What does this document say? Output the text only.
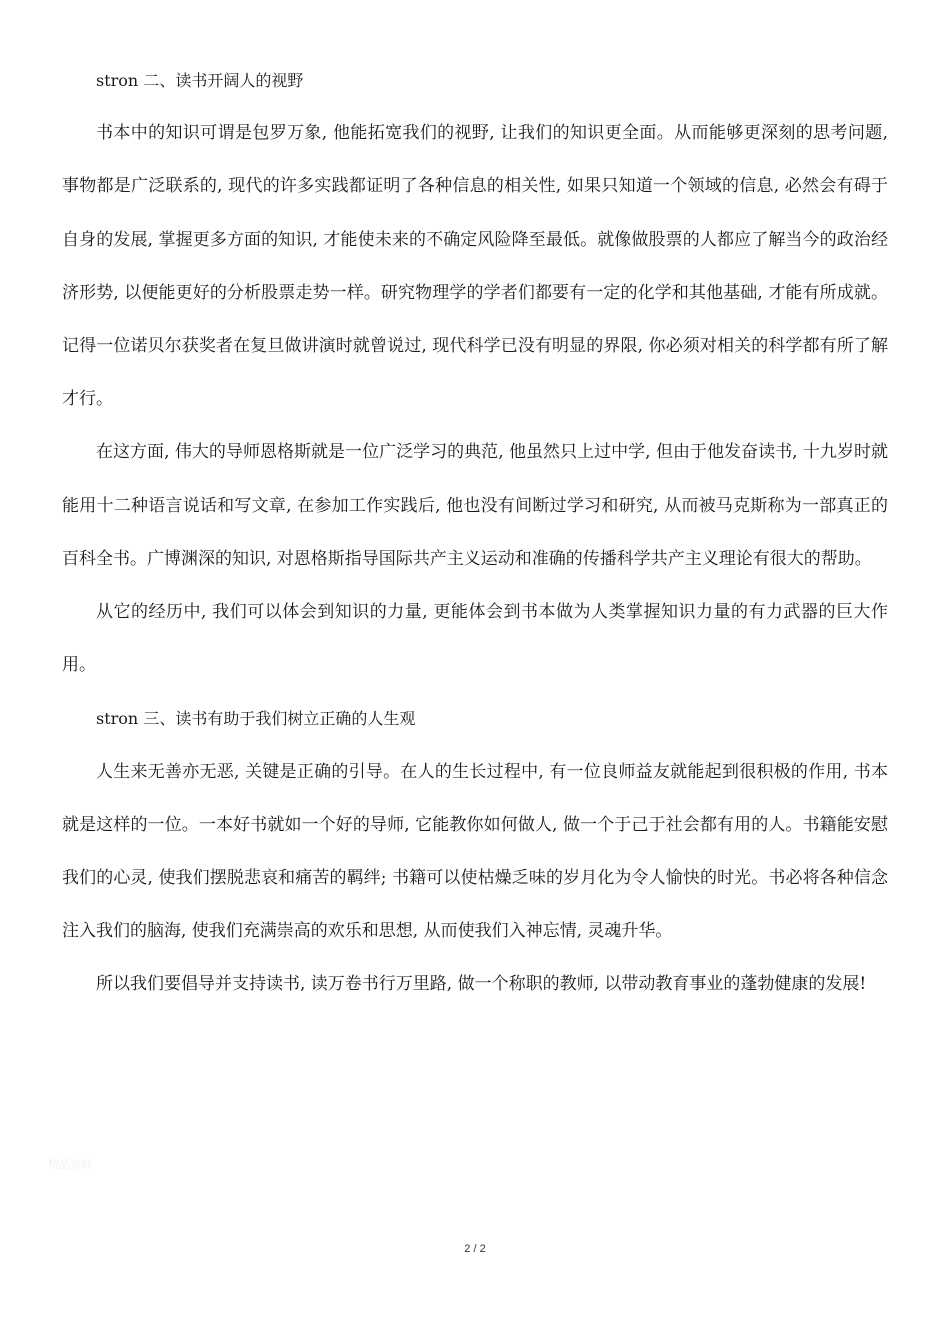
stron 二、读书开阔人的视野

书本中的知识可谓是包罗万象, 他能拓宽我们的视野, 让我们的知识更全面。从而能够更深刻的思考问题, 事物都是广泛联系的, 现代的许多实践都证明了各种信息的相关性, 如果只知道一个领域的信息, 必然会有碍于自身的发展, 掌握更多方面的知识, 才能使未来的不确定风险降至最低。就像做股票的人都应了解当今的政治经济形势, 以便能更好的分析股票走势一样。研究物理学的学者们都要有一定的化学和其他基础, 才能有所成就。记得一位诺贝尔获奖者在复旦做讲演时就曾说过, 现代科学已没有明显的界限, 你必须对相关的科学都有所了解才行。

在这方面, 伟大的导师恩格斯就是一位广泛学习的典范, 他虽然只上过中学, 但由于他发奋读书, 十九岁时就能用十二种语言说话和写文章, 在参加工作实践后, 他也没有间断过学习和研究, 从而被马克斯称为一部真正的百科全书。广博渊深的知识, 对恩格斯指导国际共产主义运动和准确的传播科学共产主义理论有很大的帮助。

从它的经历中, 我们可以体会到知识的力量, 更能体会到书本做为人类掌握知识力量的有力武器的巨大作用。

stron 三、读书有助于我们树立正确的人生观

人生来无善亦无恶, 关键是正确的引导。在人的生长过程中, 有一位良师益友就能起到很积极的作用, 书本就是这样的一位。一本好书就如一个好的导师, 它能教你如何做人, 做一个于己于社会都有用的人。书籍能安慰我们的心灵, 使我们摆脱悲哀和痛苦的羁绊; 书籍可以使枯燥乏味的岁月化为令人愉快的时光。书必将各种信念注入我们的脑海, 使我们充满崇高的欢乐和思想, 从而使我们入神忘情, 灵魂升华。

所以我们要倡导并支持读书, 读万卷书行万里路, 做一个称职的教师, 以带动教育事业的蓬勃健康的发展!

精品资料

2 / 2
